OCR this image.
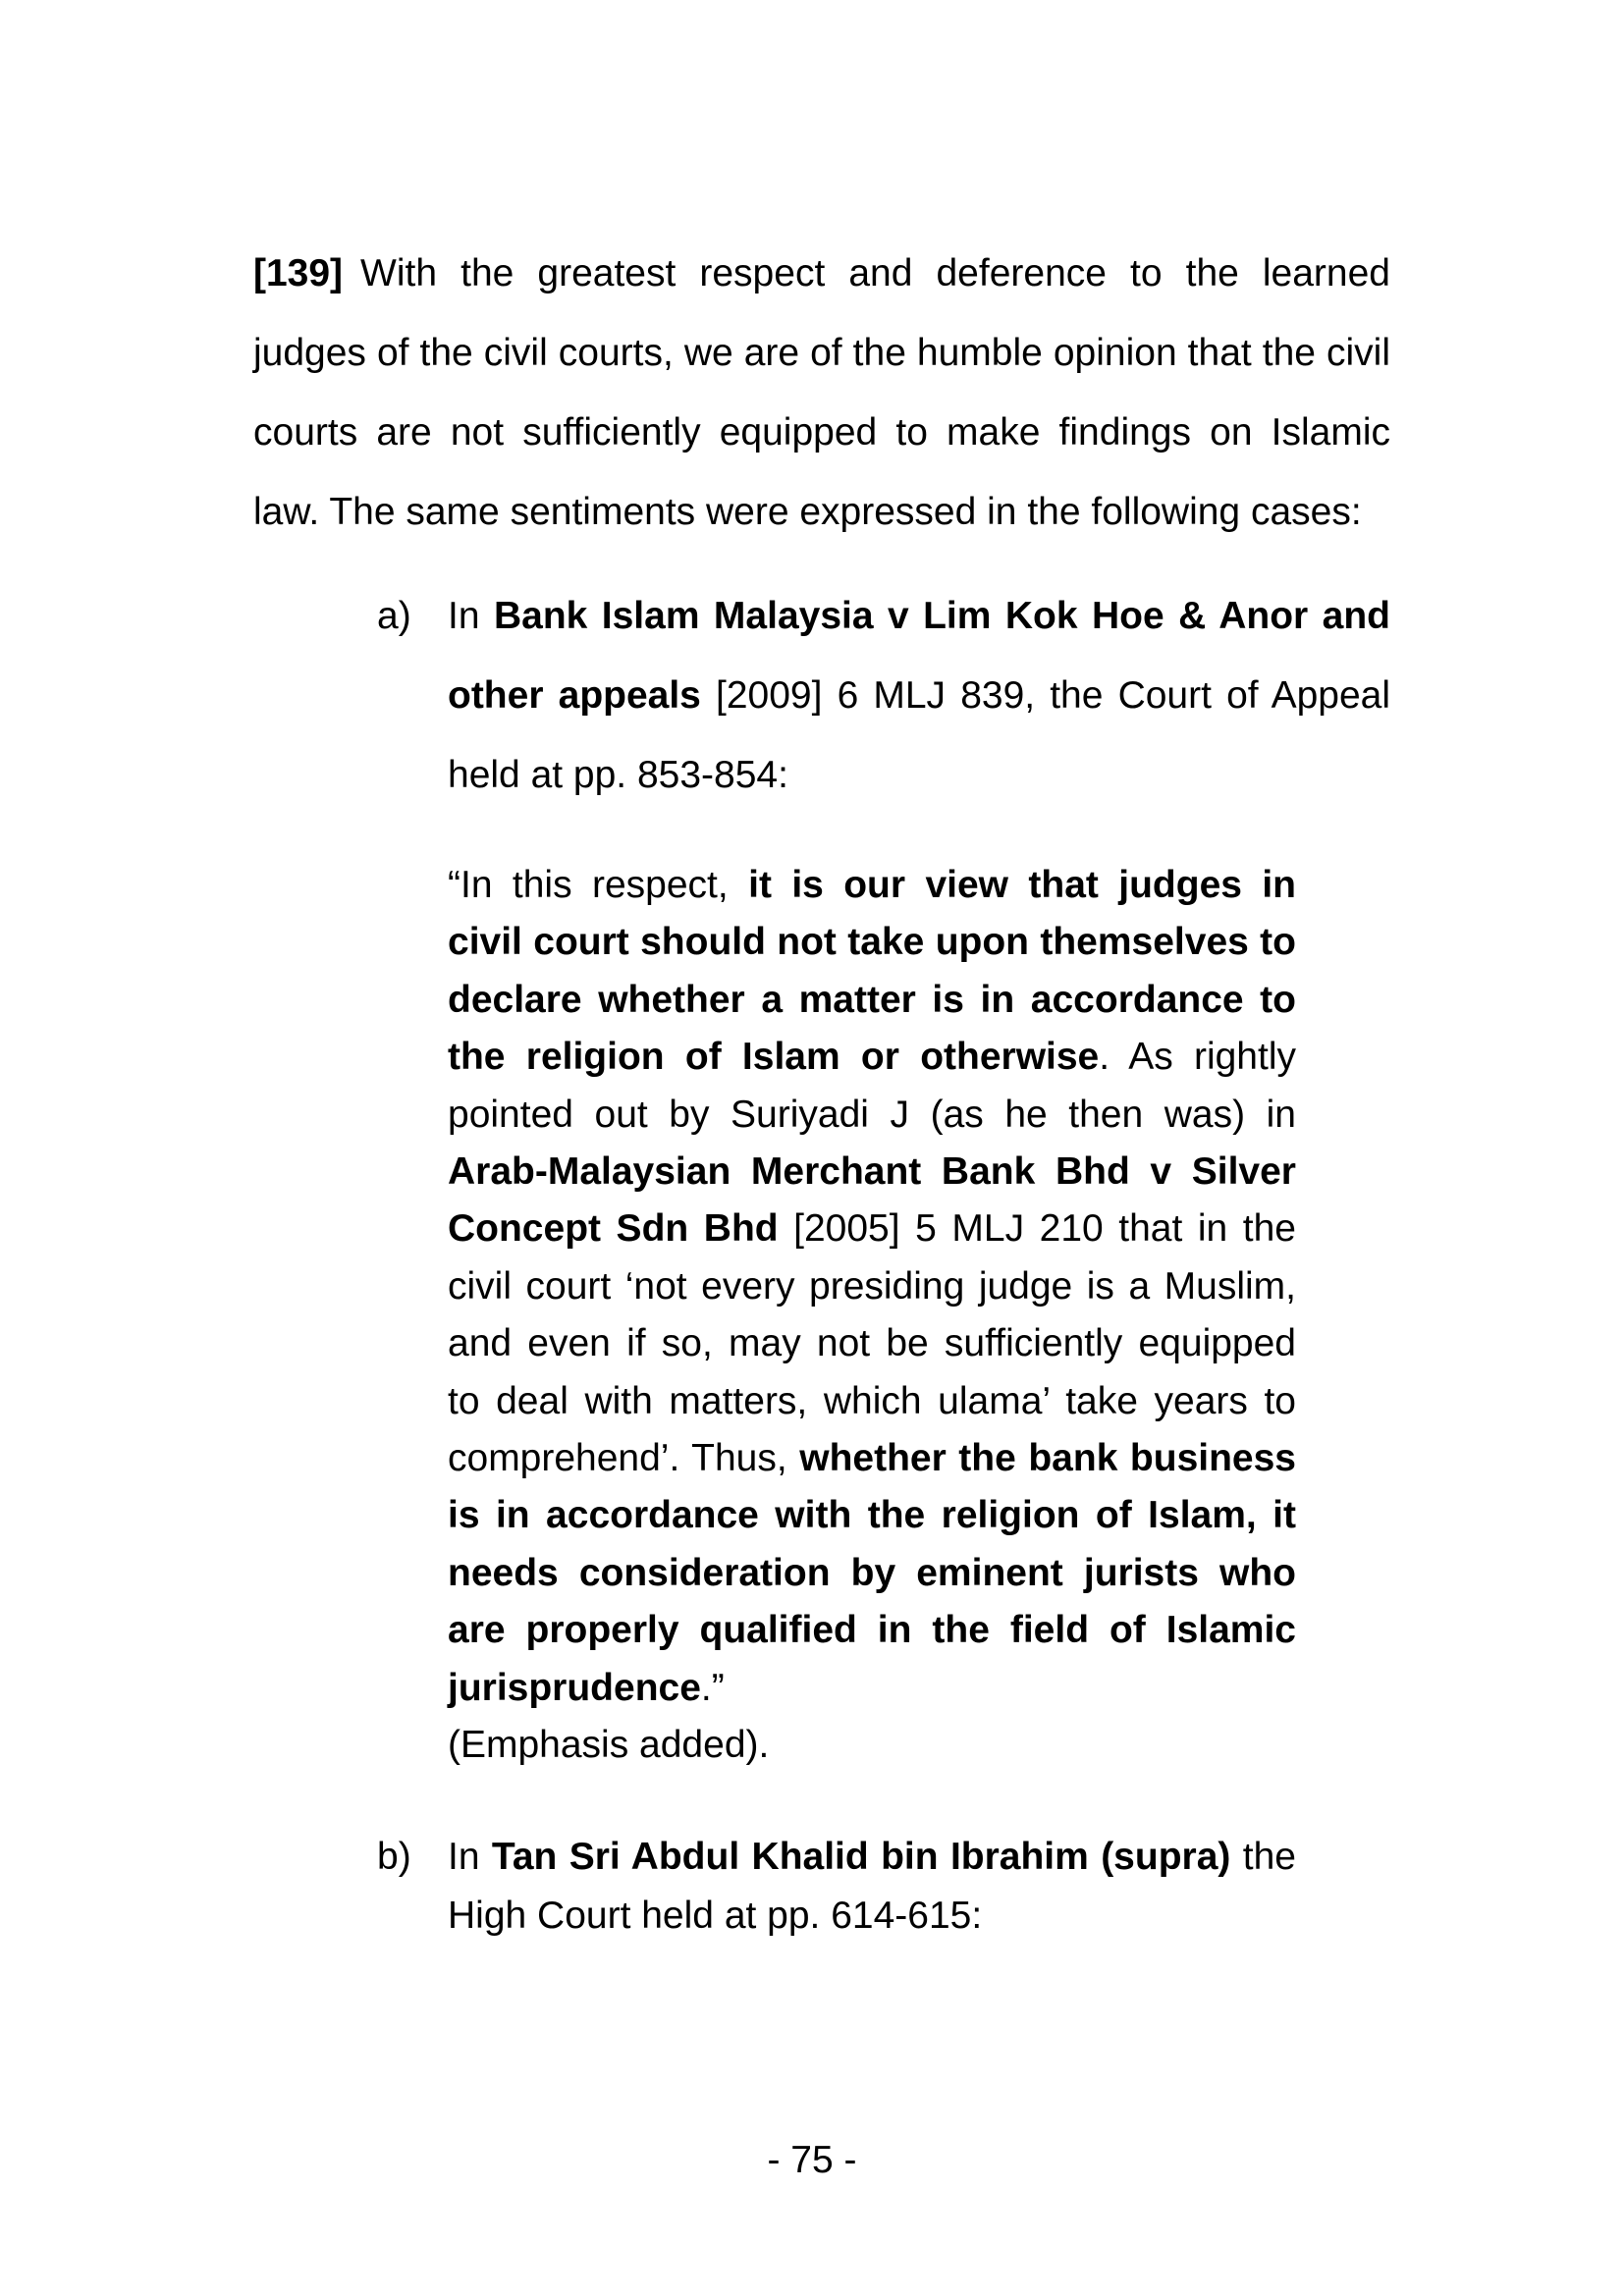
[139] With the greatest respect and deference to the learned judges of the civil courts, we are of the humble opinion that the civil courts are not sufficiently equipped to make findings on Islamic law. The same sentiments were expressed in the following cases:

a) In Bank Islam Malaysia v Lim Kok Hoe & Anor and other appeals [2009] 6 MLJ 839, the Court of Appeal held at pp. 853-854:

“In this respect, it is our view that judges in civil court should not take upon themselves to declare whether a matter is in accordance to the religion of Islam or otherwise. As rightly pointed out by Suriyadi J (as he then was) in Arab-Malaysian Merchant Bank Bhd v Silver Concept Sdn Bhd [2005] 5 MLJ 210 that in the civil court ‘not every presiding judge is a Muslim, and even if so, may not be sufficiently equipped to deal with matters, which ulama’ take years to comprehend’. Thus, whether the bank business is in accordance with the religion of Islam, it needs consideration by eminent jurists who are properly qualified in the field of Islamic jurisprudence.”

(Emphasis added).

b) In Tan Sri Abdul Khalid bin Ibrahim (supra) the High Court held at pp. 614-615:

- 75 -
